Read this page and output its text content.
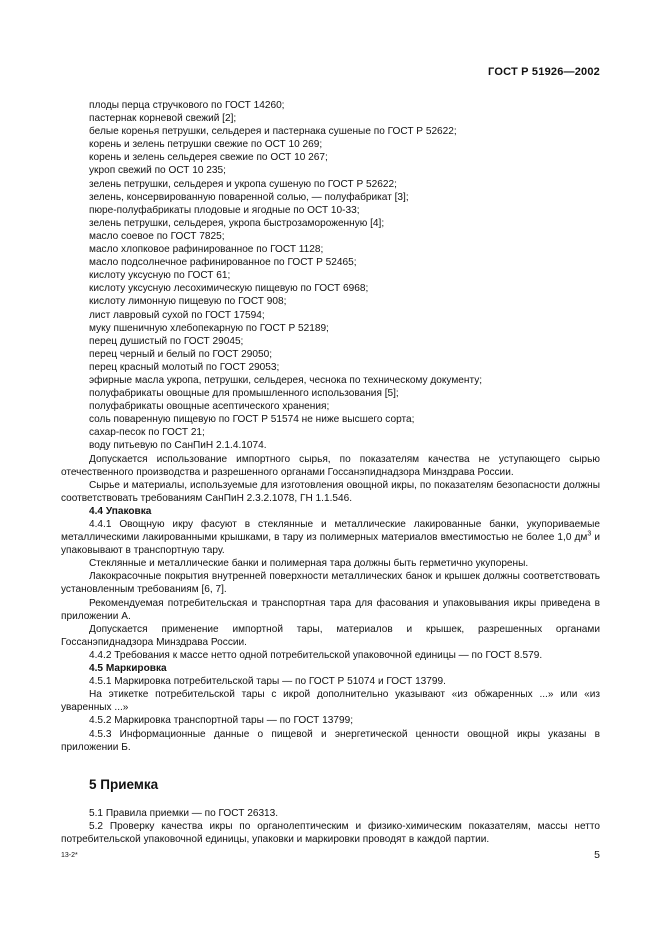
ГОСТ Р 51926—2002

плоды перца стручкового по ГОСТ 14260;

пастернак корневой свежий [2];

белые коренья петрушки, сельдерея и пастернака сушеные по ГОСТ Р 52622;

корень и зелень петрушки свежие по ОСТ 10 269;

корень и зелень сельдерея свежие по ОСТ 10 267;

укроп свежий по ОСТ 10 235;

зелень петрушки, сельдерея и укропа сушеную по ГОСТ Р 52622;

зелень, консервированную поваренной солью, — полуфабрикат [3];

пюре-полуфабрикаты плодовые и ягодные по ОСТ 10-33;

зелень петрушки, сельдерея, укропа быстрозамороженную [4];

масло соевое по ГОСТ 7825;

масло хлопковое рафинированное по ГОСТ 1128;

масло подсолнечное рафинированное по ГОСТ Р 52465;

кислоту уксусную по ГОСТ 61;

кислоту уксусную лесохимическую пищевую по ГОСТ 6968;

кислоту лимонную пищевую по ГОСТ 908;

лист лавровый сухой по ГОСТ 17594;

муку пшеничную хлебопекарную по ГОСТ Р 52189;

перец душистый по ГОСТ 29045;

перец черный и белый по ГОСТ 29050;

перец красный молотый по ГОСТ 29053;

эфирные масла укропа, петрушки, сельдерея, чеснока по техническому документу;

полуфабрикаты овощные для промышленного использования [5];

полуфабрикаты овощные асептического хранения;

соль поваренную пищевую по ГОСТ Р 51574 не ниже высшего сорта;

сахар-песок по ГОСТ 21;

воду питьевую по СанПиН 2.1.4.1074.

Допускается использование импортного сырья, по показателям качества не уступающего сырью отечественного производства и разрешенного органами Госсанэпиднадзора Минздрава России.

Сырье и материалы, используемые для изготовления овощной икры, по показателям безопасности должны соответствовать требованиям СанПиН 2.3.2.1078, ГН 1.1.546.

4.4 Упаковка

4.4.1 Овощную икру фасуют в стеклянные и металлические лакированные банки, укупориваемые металлическими лакированными крышками, в тару из полимерных материалов вместимостью не более 1,0 $дм^3$ и упаковывают в транспортную тару.

Стеклянные и металлические банки и полимерная тара должны быть герметично укупорены.

Лакокрасочные покрытия внутренней поверхности металлических банок и крышек должны соответствовать установленным требованиям [6, 7].

Рекомендуемая потребительская и транспортная тара для фасования и упаковывания икры приведена в приложении А.

Допускается применение импортной тары, материалов и крышек, разрешенных органами Госсанэпиднадзора Минздрава России.

4.4.2 Требования к массе нетто одной потребительской упаковочной единицы — по ГОСТ 8.579.

4.5 Маркировка

4.5.1 Маркировка потребительской тары — по ГОСТ Р 51074 и ГОСТ 13799.

На этикетке потребительской тары с икрой дополнительно указывают «из обжаренных ...» или «из уваренных ...»

4.5.2 Маркировка транспортной тары — по ГОСТ 13799;

4.5.3 Информационные данные о пищевой и энергетической ценности овощной икры указаны в приложении Б.

5 Приемка

5.1 Правила приемки — по ГОСТ 26313.

5.2 Проверку качества икры по органолептическим и физико-химическим показателям, массы нетто потребительской упаковочной единицы, упаковки и маркировки проводят в каждой партии.

13-2*	5
